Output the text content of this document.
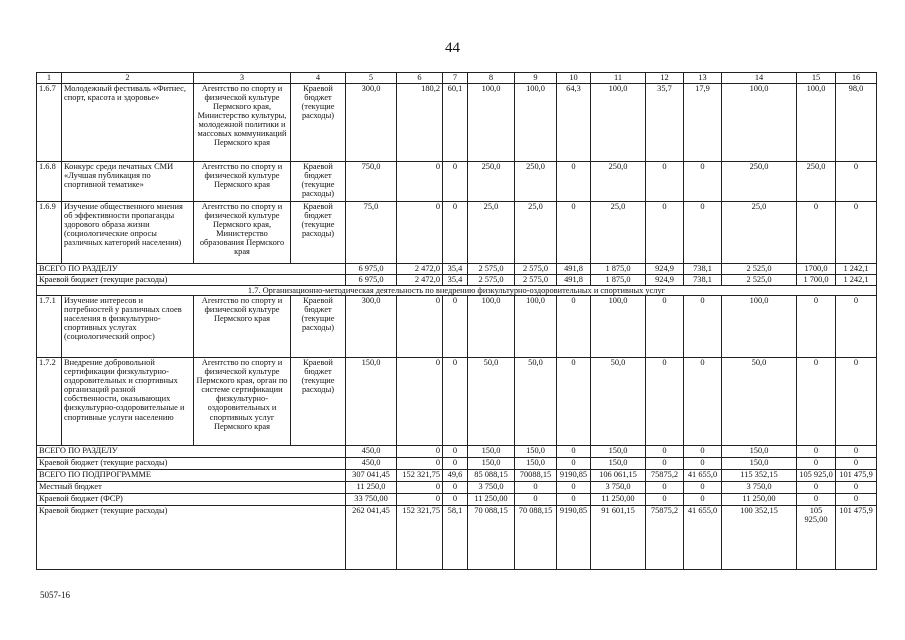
44
1	2	3	4	5	6	7	8	9	10	11	12	13	14	15	16
1.6.7	Молодежный фестиваль «Фитнес, спорт, красота и здоровье»	Агентство по спорту и физической культуре Пермского края, Министерство культуры, молодежной политики и массовых коммуникаций Пермского края	Краевой бюджет (текущие расходы)	300,0	180,2	60,1	100,0	100,0	64,3	100,0	35,7	17,9	100,0	100,0	98,0
1.6.8	Конкурс среди печатных СМИ «Лучшая публикация по спортивной тематике»	Агентство по спорту и физической культуре Пермского края	Краевой бюджет (текущие расходы)	750,0	0	0	250,0	250,0	0	250,0	0	0	250,0	250,0	0
1.6.9	Изучение общественного мнения об эффективности пропаганды здорового образа жизни (социологические опросы различных категорий населения)	Агентство по спорту и физической культуре Пермского края, Министерство образования Пермского края	Краевой бюджет (текущие расходы)	75,0	0	0	25,0	25,0	0	25,0	0	0	25,0	0	0
ВСЕГО ПО РАЗДЕЛУ				6 975,0	2 472,0	35,4	2 575,0	2 575,0	491,8	1 875,0	924,9	738,1	2 525,0	1700,0	1 242,1
Краевой бюджет (текущие расходы)				6 975,0	2 472,0	35,4	2 575,0	2 575,0	491,8	1 875,0	924,9	738,1	2 525,0	1 700,0	1 242,1
1.7. Организационно-методическая деятельность по внедрению физкультурно-оздоровительных и спортивных услуг															
1.7.1	Изучение интересов и потребностей у различных слоев населения в физкультурно-спортивных услугах (социологический опрос)	Агентство по спорту и физической культуре Пермского края	Краевой бюджет (текущие расходы)	300,0	0	0	100,0	100,0	0	100,0	0	0	100,0	0	0
1.7.2	Внедрение добровольной сертификации физкультурно-оздоровительных и спортивных организаций разной собственности, оказывающих физкультурно-оздоровительные и спортивные услуги населению	Агентство по спорту и физической культуре Пермского края, орган по системе сертификации физкультурно-оздоровительных и спортивных услуг Пермского края	Краевой бюджет (текущие расходы)	150,0	0	0	50,0	50,0	0	50,0	0	0	50,0	0	0
ВСЕГО ПО РАЗДЕЛУ				450,0	0	0	150,0	150,0	0	150,0	0	0	150,0	0	0
Краевой бюджет (текущие расходы)				450,0	0	0	150,0	150,0	0	150,0	0	0	150,0	0	0
ВСЕГО ПО ПОДПРОГРАММЕ				307 041,45	152 321,75	49,6	85 088,15	70088,15	9190,85	106 061,15	75875,2	41 655,0	115 352,15	105 925,0	101 475,9
Местный бюджет				11 250,0	0	0	3 750,0	0	0	3 750,0	0	0	3 750,0	0	0
Краевой бюджет (ФСР)				33 750,00	0	0	11 250,00	0	0	11 250,00	0	0	11 250,00	0	0
Краевой бюджет (текущие расходы)				262 041,45	152 321,75	58,1	70 088,15	70 088,15	9190,85	91 601,15	75875,2	41 655,0	100 352,15	105 925,00	101 475,9
5057-16
